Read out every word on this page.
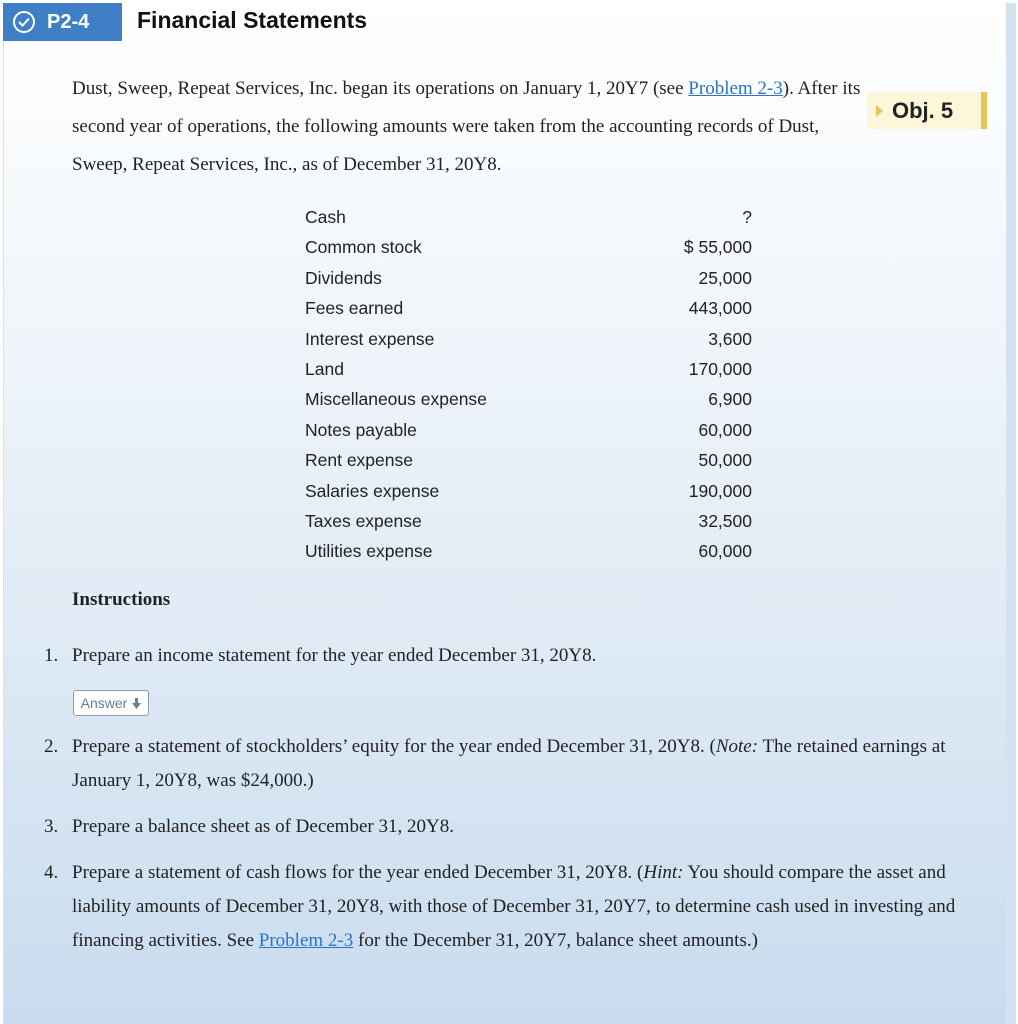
P2-4 Financial Statements
Dust, Sweep, Repeat Services, Inc. began its operations on January 1, 20Y7 (see Problem 2-3). After its second year of operations, the following amounts were taken from the accounting records of Dust, Sweep, Repeat Services, Inc., as of December 31, 20Y8.
Obj. 5
Cash	?
Common stock	$ 55,000
Dividends	25,000
Fees earned	443,000
Interest expense	3,600
Land	170,000
Miscellaneous expense	6,900
Notes payable	60,000
Rent expense	50,000
Salaries expense	190,000
Taxes expense	32,500
Utilities expense	60,000
Instructions
1. Prepare an income statement for the year ended December 31, 20Y8.
Answer
2. Prepare a statement of stockholders’ equity for the year ended December 31, 20Y8. (Note: The retained earnings at January 1, 20Y8, was $24,000.)
3. Prepare a balance sheet as of December 31, 20Y8.
4. Prepare a statement of cash flows for the year ended December 31, 20Y8. (Hint: You should compare the asset and liability amounts of December 31, 20Y8, with those of December 31, 20Y7, to determine cash used in investing and financing activities. See Problem 2-3 for the December 31, 20Y7, balance sheet amounts.)
